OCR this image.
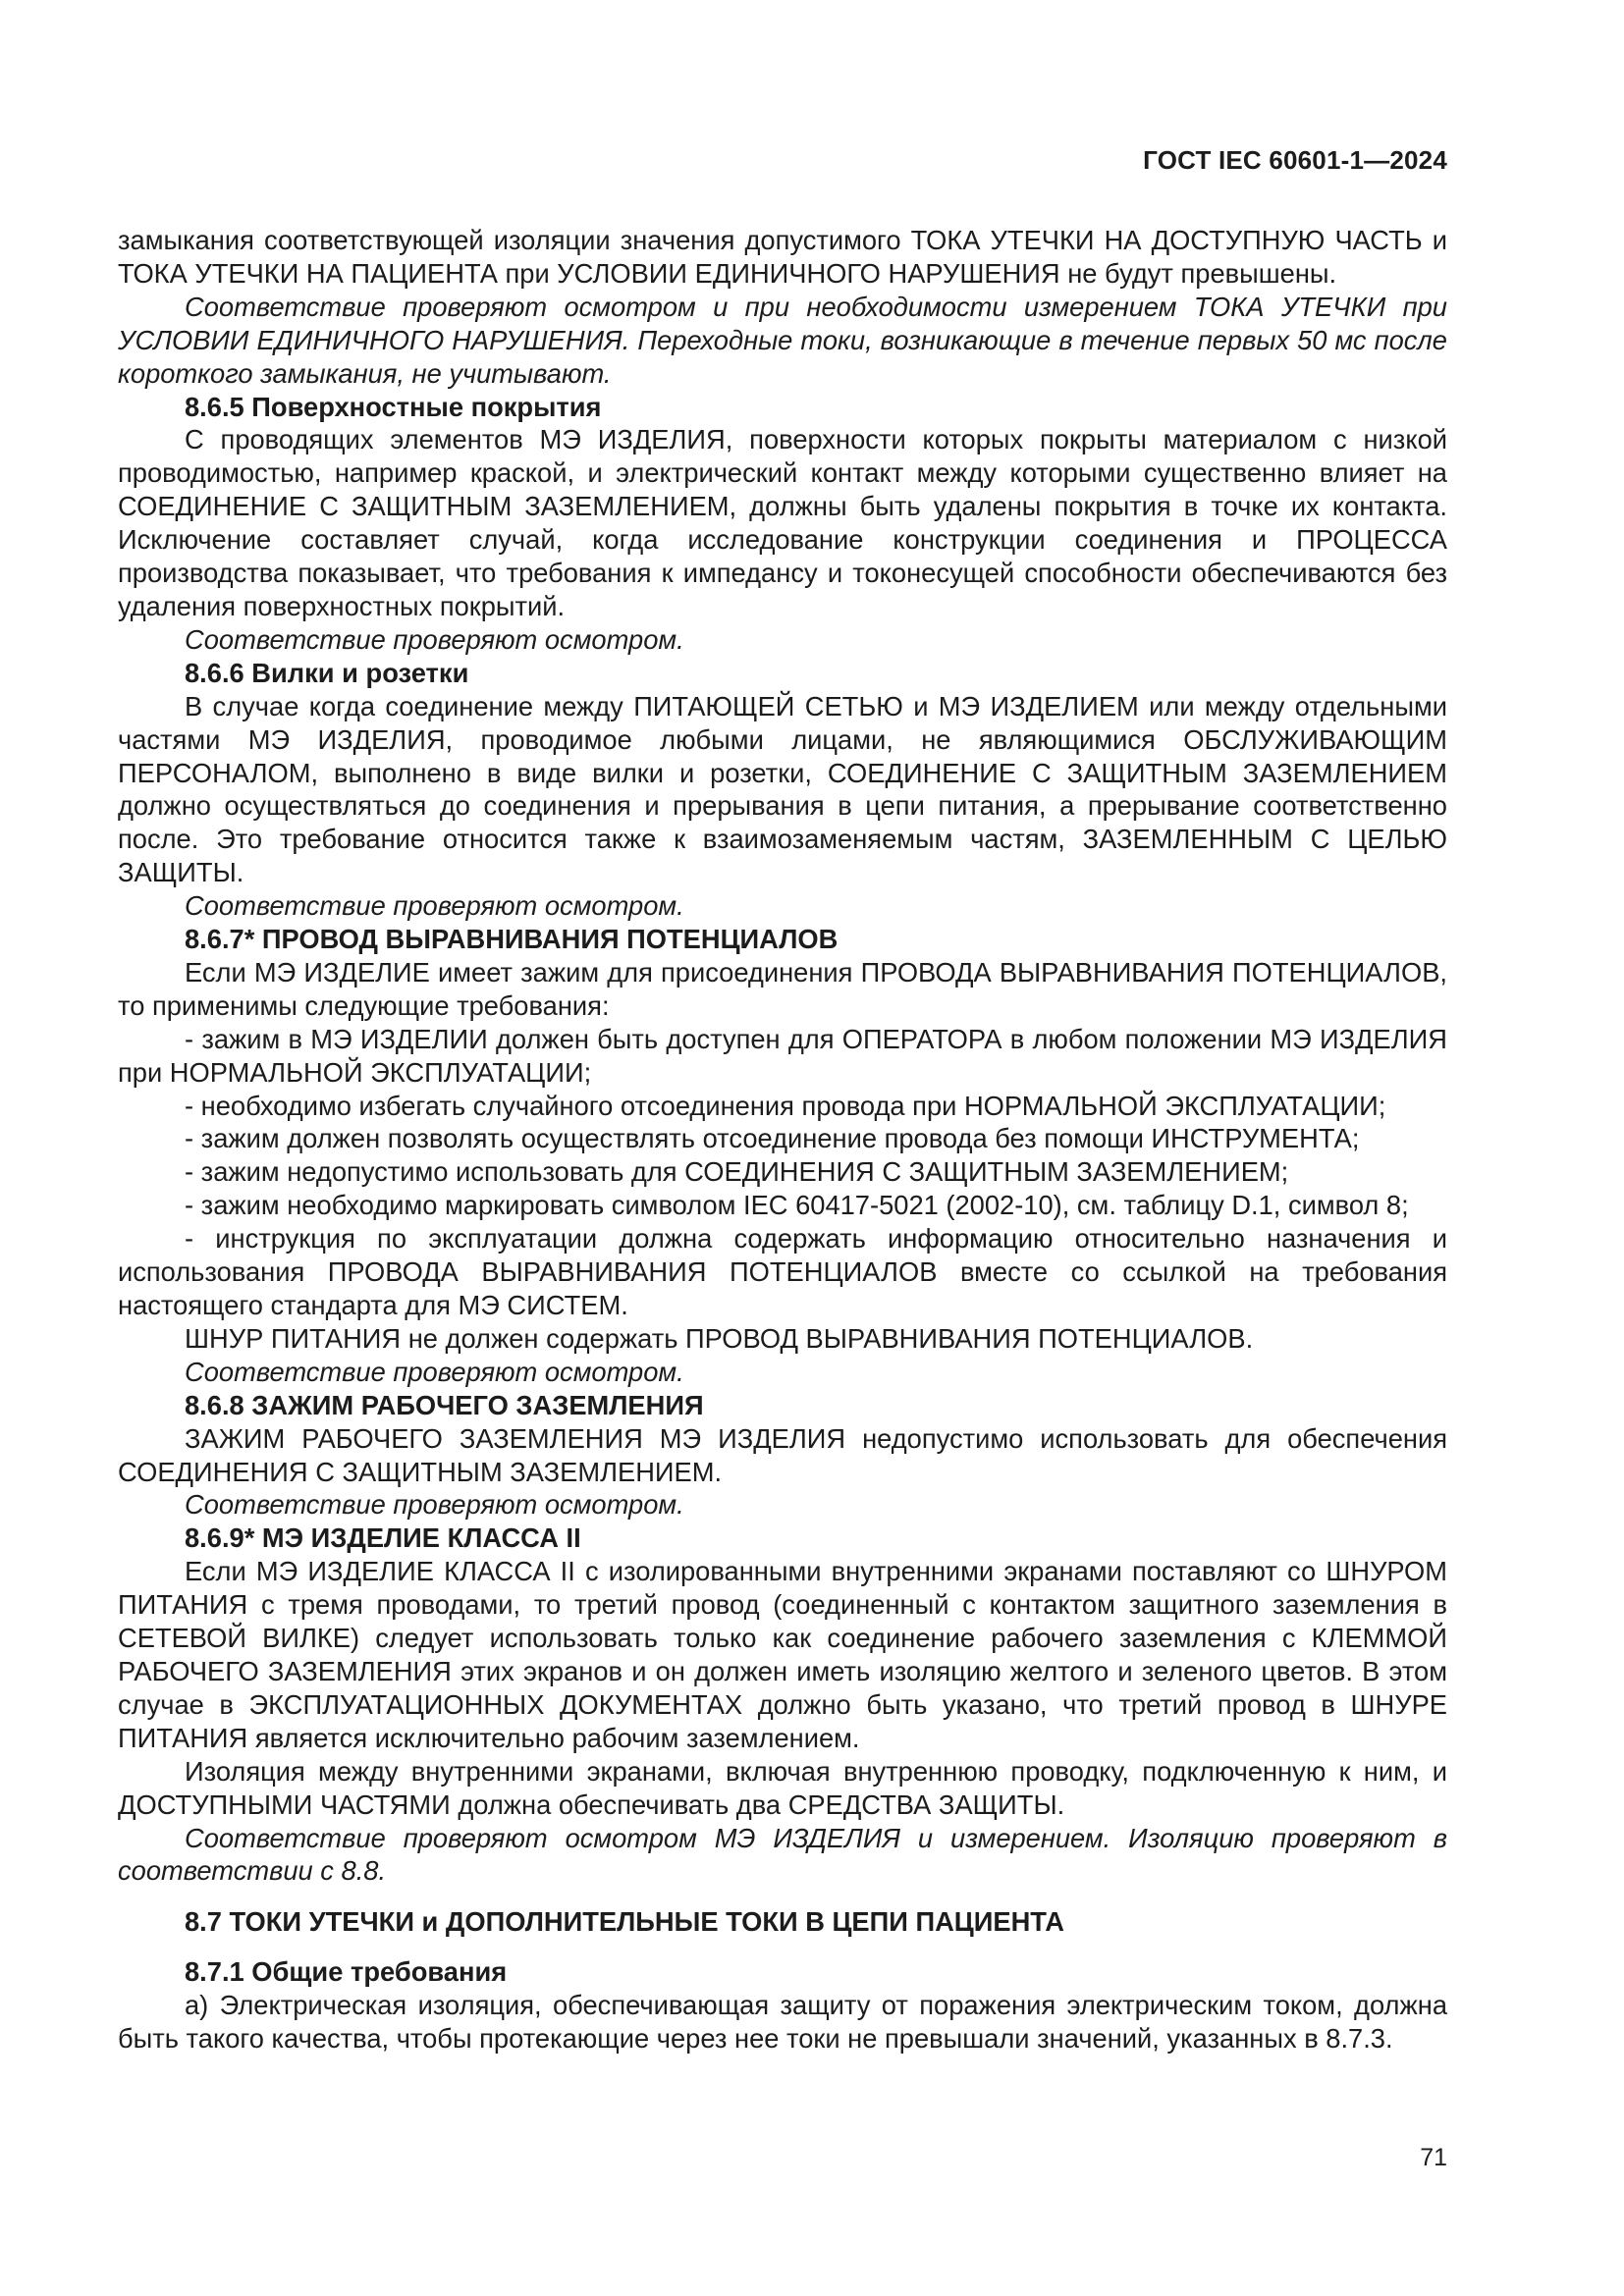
ГОСТ IEC 60601-1—2024

замыкания соответствующей изоляции значения допустимого ТОКА УТЕЧКИ НА ДОСТУПНУЮ ЧАСТЬ и ТОКА УТЕЧКИ НА ПАЦИЕНТА при УСЛОВИИ ЕДИНИЧНОГО НАРУШЕНИЯ не будут превышены.

Соответствие проверяют осмотром и при необходимости измерением ТОКА УТЕЧКИ при УСЛОВИИ ЕДИНИЧНОГО НАРУШЕНИЯ. Переходные токи, возникающие в течение первых 50 мс после короткого замыкания, не учитывают.

8.6.5 Поверхностные покрытия

С проводящих элементов МЭ ИЗДЕЛИЯ, поверхности которых покрыты материалом с низкой проводимостью, например краской, и электрический контакт между которыми существенно влияет на СОЕДИНЕНИЕ С ЗАЩИТНЫМ ЗАЗЕМЛЕНИЕМ, должны быть удалены покрытия в точке их контакта. Исключение составляет случай, когда исследование конструкции соединения и ПРОЦЕССА производства показывает, что требования к импедансу и токонесущей способности обеспечиваются без удаления поверхностных покрытий.

Соответствие проверяют осмотром.

8.6.6 Вилки и розетки

В случае когда соединение между ПИТАЮЩЕЙ СЕТЬЮ и МЭ ИЗДЕЛИЕМ или между отдельными частями МЭ ИЗДЕЛИЯ, проводимое любыми лицами, не являющимися ОБСЛУЖИВАЮЩИМ ПЕРСОНАЛОМ, выполнено в виде вилки и розетки, СОЕДИНЕНИЕ С ЗАЩИТНЫМ ЗАЗЕМЛЕНИЕМ должно осуществляться до соединения и прерывания в цепи питания, а прерывание соответственно после. Это требование относится также к взаимозаменяемым частям, ЗАЗЕМЛЕННЫМ С ЦЕЛЬЮ ЗАЩИТЫ.

Соответствие проверяют осмотром.

8.6.7* ПРОВОД ВЫРАВНИВАНИЯ ПОТЕНЦИАЛОВ

Если МЭ ИЗДЕЛИЕ имеет зажим для присоединения ПРОВОДА ВЫРАВНИВАНИЯ ПОТЕНЦИАЛОВ, то применимы следующие требования:

- зажим в МЭ ИЗДЕЛИИ должен быть доступен для ОПЕРАТОРА в любом положении МЭ ИЗДЕЛИЯ при НОРМАЛЬНОЙ ЭКСПЛУАТАЦИИ;

- необходимо избегать случайного отсоединения провода при НОРМАЛЬНОЙ ЭКСПЛУАТАЦИИ;

- зажим должен позволять осуществлять отсоединение провода без помощи ИНСТРУМЕНТА;

- зажим недопустимо использовать для СОЕДИНЕНИЯ С ЗАЩИТНЫМ ЗАЗЕМЛЕНИЕМ;

- зажим необходимо маркировать символом IEC 60417-5021 (2002-10), см. таблицу D.1, символ 8;

- инструкция по эксплуатации должна содержать информацию относительно назначения и использования ПРОВОДА ВЫРАВНИВАНИЯ ПОТЕНЦИАЛОВ вместе со ссылкой на требования настоящего стандарта для МЭ СИСТЕМ.

ШНУР ПИТАНИЯ не должен содержать ПРОВОД ВЫРАВНИВАНИЯ ПОТЕНЦИАЛОВ.

Соответствие проверяют осмотром.

8.6.8 ЗАЖИМ РАБОЧЕГО ЗАЗЕМЛЕНИЯ

ЗАЖИМ РАБОЧЕГО ЗАЗЕМЛЕНИЯ МЭ ИЗДЕЛИЯ недопустимо использовать для обеспечения СОЕДИНЕНИЯ С ЗАЩИТНЫМ ЗАЗЕМЛЕНИЕМ.

Соответствие проверяют осмотром.

8.6.9* МЭ ИЗДЕЛИЕ КЛАССА II

Если МЭ ИЗДЕЛИЕ КЛАССА II с изолированными внутренними экранами поставляют со ШНУРОМ ПИТАНИЯ с тремя проводами, то третий провод (соединенный с контактом защитного заземления в СЕТЕВОЙ ВИЛКЕ) следует использовать только как соединение рабочего заземления с КЛЕММОЙ РАБОЧЕГО ЗАЗЕМЛЕНИЯ этих экранов и он должен иметь изоляцию желтого и зеленого цветов. В этом случае в ЭКСПЛУАТАЦИОННЫХ ДОКУМЕНТАХ должно быть указано, что третий провод в ШНУРЕ ПИТАНИЯ является исключительно рабочим заземлением.

Изоляция между внутренними экранами, включая внутреннюю проводку, подключенную к ним, и ДОСТУПНЫМИ ЧАСТЯМИ должна обеспечивать два СРЕДСТВА ЗАЩИТЫ.

Соответствие проверяют осмотром МЭ ИЗДЕЛИЯ и измерением. Изоляцию проверяют в соответствии с 8.8.

8.7 ТОКИ УТЕЧКИ и ДОПОЛНИТЕЛЬНЫЕ ТОКИ В ЦЕПИ ПАЦИЕНТА

8.7.1 Общие требования

a) Электрическая изоляция, обеспечивающая защиту от поражения электрическим током, должна быть такого качества, чтобы протекающие через нее токи не превышали значений, указанных в 8.7.3.

71
